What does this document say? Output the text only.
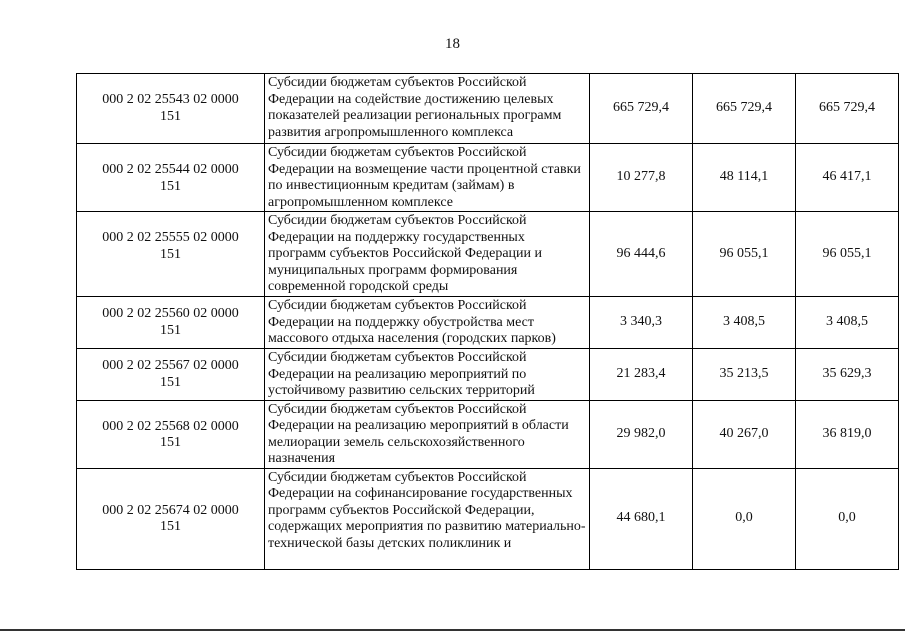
18
000 2 02 25543 02 0000
151	Субсидии бюджетам субъектов Российской Федерации на содействие достижению целевых показателей реализации региональных программ развития агропромышленного комплекса	665 729,4	665 729,4	665 729,4

000 2 02 25544 02 0000
151	Субсидии бюджетам субъектов Российской Федерации на возмещение части процентной ставки по инвестиционным кредитам (займам) в агропромышленном комплексе	10 277,8	48 114,1	46 417,1

000 2 02 25555 02 0000
151	Субсидии бюджетам субъектов Российской Федерации на поддержку государственных программ субъектов Российской Федерации и муниципальных программ формирования современной городской среды	96 444,6	96 055,1	96 055,1

000 2 02 25560 02 0000
151	Субсидии бюджетам субъектов Российской Федерации на поддержку обустройства мест массового отдыха населения (городских парков)	3 340,3	3 408,5	3 408,5

000 2 02 25567 02 0000
151	Субсидии бюджетам субъектов Российской Федерации на реализацию мероприятий по устойчивому развитию сельских территорий	21 283,4	35 213,5	35 629,3

000 2 02 25568 02 0000
151	Субсидии бюджетам субъектов Российской Федерации на реализацию мероприятий в области мелиорации земель сельскохозяйственного назначения	29 982,0	40 267,0	36 819,0

000 2 02 25674 02 0000
151	Субсидии бюджетам субъектов Российской Федерации на софинансирование государственных программ субъектов Российской Федерации, содержащих мероприятия по развитию материально-технической базы детских поликлиник и	44 680,1	0,0	0,0
